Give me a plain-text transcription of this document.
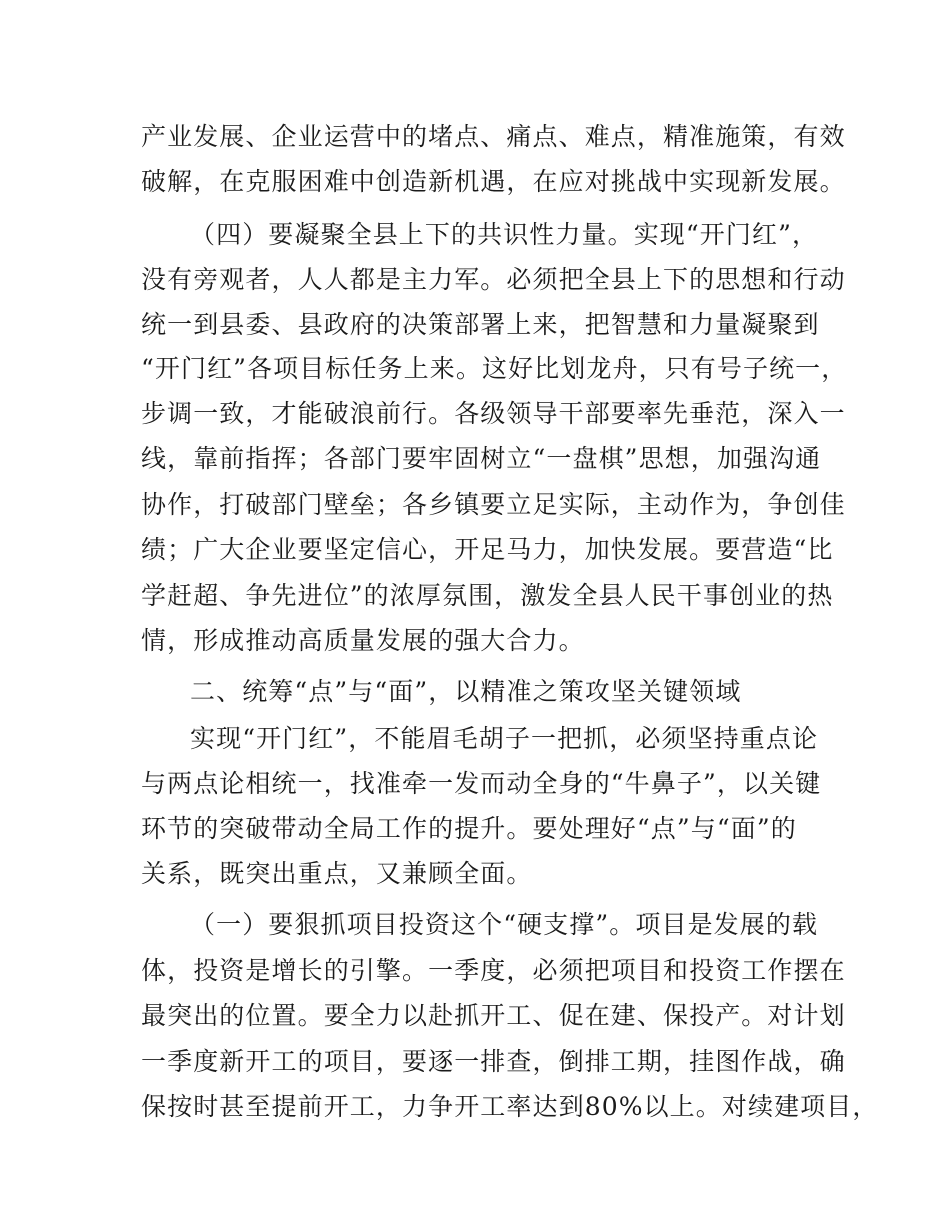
产业发展、企业运营中的堵点、痛点、难点，精准施策，有效
破解，在克服困难中创造新机遇，在应对挑战中实现新发展。
（四）要凝聚全县上下的共识性力量。实现“开门红”，
没有旁观者，人人都是主力军。必须把全县上下的思想和行动
统一到县委、县政府的决策部署上来，把智慧和力量凝聚到
“开门红”各项目标任务上来。这好比划龙舟，只有号子统一，
步调一致，才能破浪前行。各级领导干部要率先垂范，深入一
线，靠前指挥；各部门要牢固树立“一盘棋”思想，加强沟通
协作，打破部门壁垒；各乡镇要立足实际，主动作为，争创佳
绩；广大企业要坚定信心，开足马力，加快发展。要营造“比
学赶超、争先进位”的浓厚氛围，激发全县人民干事创业的热
情，形成推动高质量发展的强大合力。
二、统筹“点”与“面”，以精准之策攻坚关键领域
实现“开门红”，不能眉毛胡子一把抓，必须坚持重点论
与两点论相统一，找准牵一发而动全身的“牛鼻子”，以关键
环节的突破带动全局工作的提升。要处理好“点”与“面”的
关系，既突出重点，又兼顾全面。
（一）要狠抓项目投资这个“硬支撑”。项目是发展的载
体，投资是增长的引擎。一季度，必须把项目和投资工作摆在
最突出的位置。要全力以赴抓开工、促在建、保投产。对计划
一季度新开工的项目，要逐一排查，倒排工期，挂图作战，确
保按时甚至提前开工，力争开工率达到80%以上。对续建项目，
